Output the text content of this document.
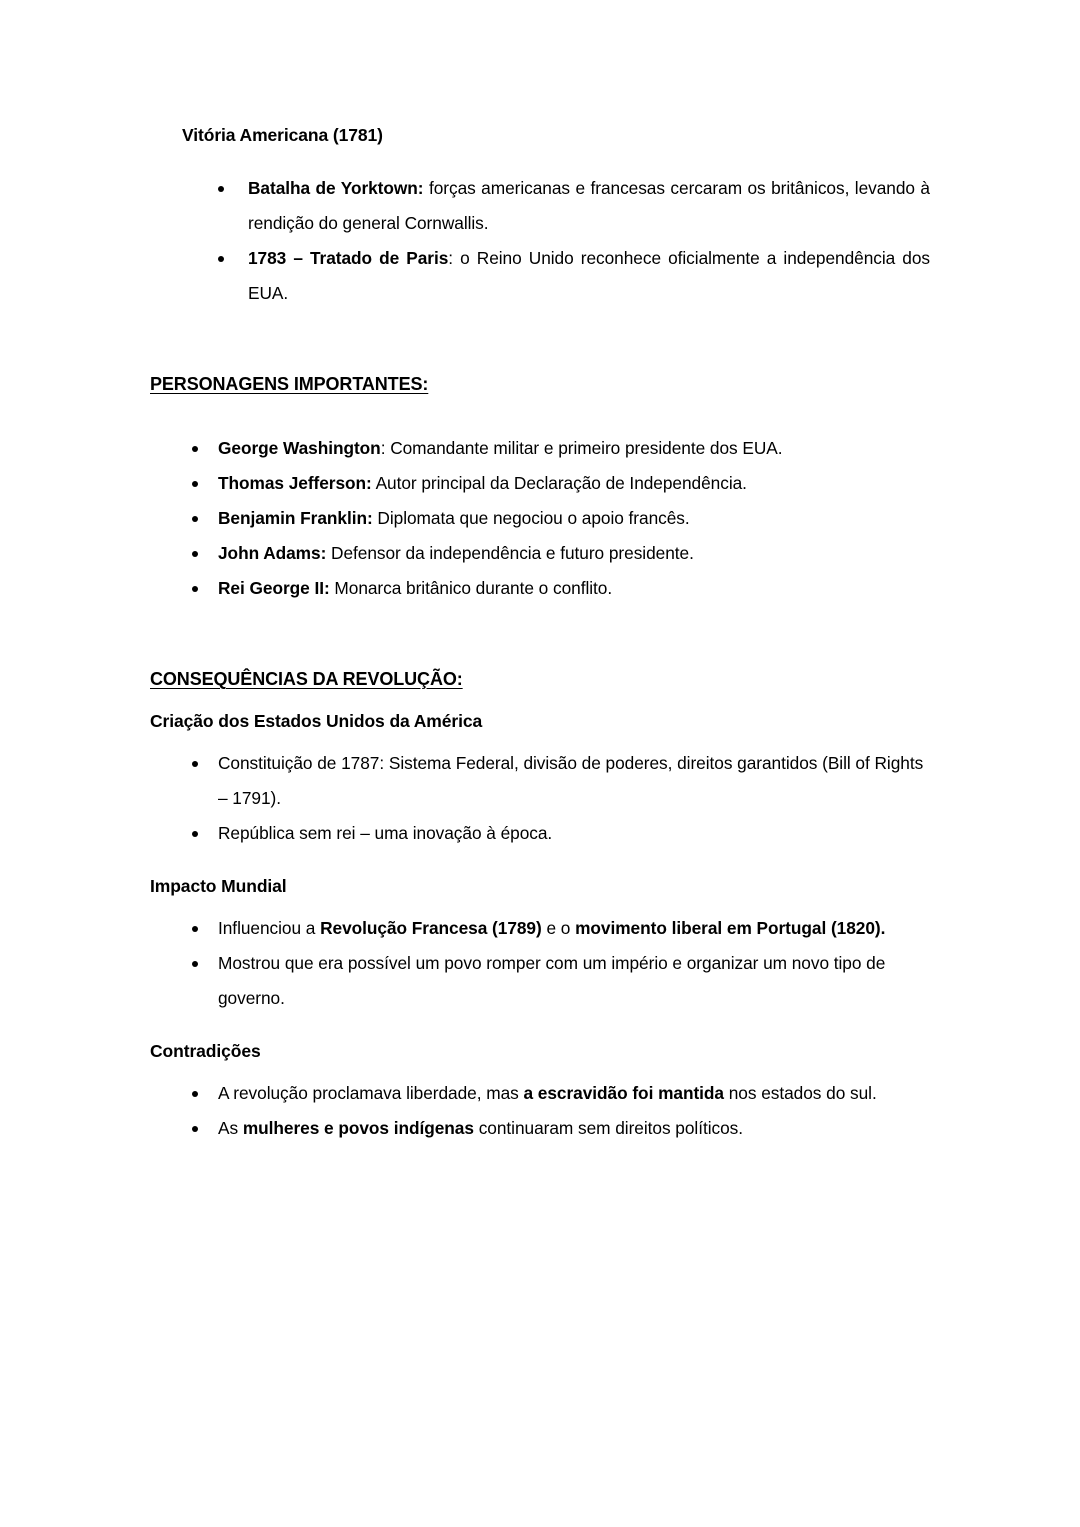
Vitória Americana (1781)
Batalha de Yorktown: forças americanas e francesas cercaram os britânicos, levando à rendição do general Cornwallis.
1783 – Tratado de Paris: o Reino Unido reconhece oficialmente a independência dos EUA.
PERSONAGENS IMPORTANTES:
George Washington: Comandante militar e primeiro presidente dos EUA.
Thomas Jefferson: Autor principal da Declaração de Independência.
Benjamin Franklin: Diplomata que negociou o apoio francês.
John Adams: Defensor da independência e futuro presidente.
Rei George II: Monarca britânico durante o conflito.
CONSEQUÊNCIAS DA REVOLUÇÃO:
Criação dos Estados Unidos da América
Constituição de 1787: Sistema Federal, divisão de poderes, direitos garantidos (Bill of Rights – 1791).
República sem rei – uma inovação à época.
Impacto Mundial
Influenciou a Revolução Francesa (1789) e o movimento liberal em Portugal (1820).
Mostrou que era possível um povo romper com um império e organizar um novo tipo de governo.
Contradições
A revolução proclamava liberdade, mas a escravidão foi mantida nos estados do sul.
As mulheres e povos indígenas continuaram sem direitos políticos.
